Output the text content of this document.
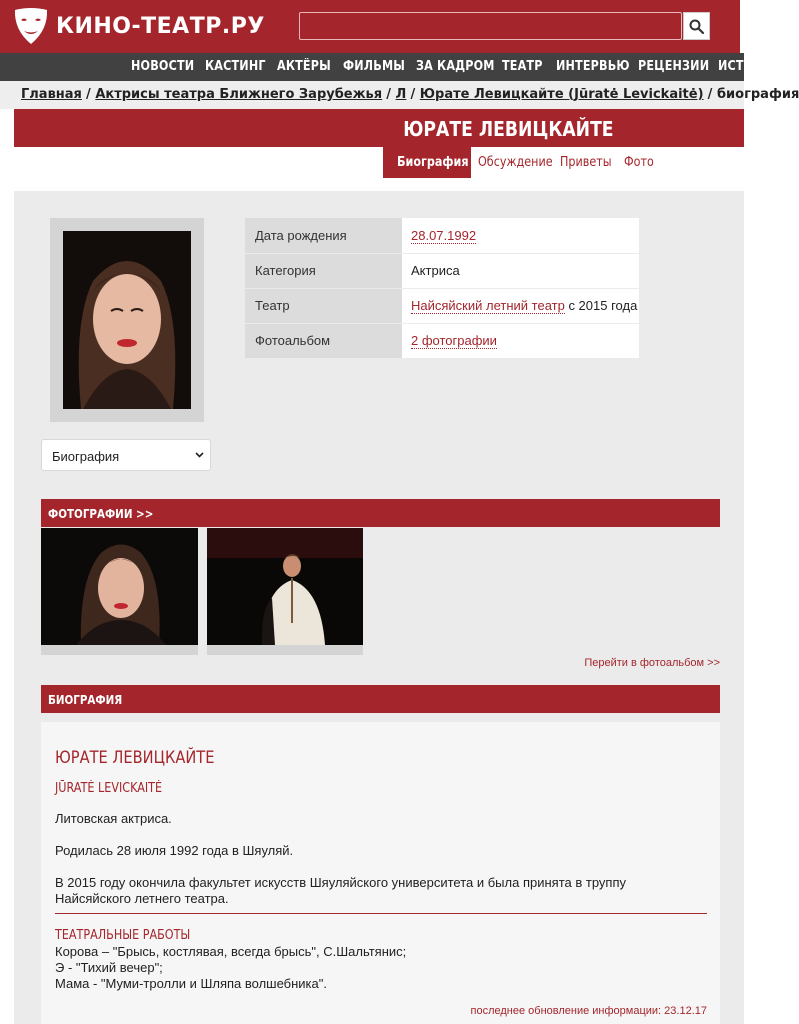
КИНО-ТЕАТР.РУ
НОВОСТИ КАСТИНГ АКТЁРЫ ФИЛЬМЫ ЗА КАДРОМ ТЕАТР ИНТЕРВЬЮ РЕЦЕНЗИИ ИСТОРИЯ
Главная / Актрисы театра Ближнего Зарубежья / Л / Юрате Левицкайте (Jūratė Levickaitė) / биография
ЮРАТЕ ЛЕВИЦКАЙТЕ
Биография Обсуждение Приветы Фото
Дата рождения	28.07.1992
Категория	Актриса
Театр	Найсяйский летний театр с 2015 года
Фотоальбом	2 фотографии
Биография
ФОТОГРАФИИ >>
Перейти в фотоальбом >>
БИОГРАФИЯ
ЮРАТЕ ЛЕВИЦКАЙТЕ
JŪRATĖ LEVICKAITĖ
Литовская актриса.
Родилась 28 июля 1992 года в Шяуляй.
В 2015 году окончила факультет искусств Шяуляйского университета и была принята в труппу Найсяйского летнего театра.
ТЕАТРАЛЬНЫЕ РАБОТЫ
Корова – "Брысь, костлявая, всегда брысь", С.Шальтянис;
Э - "Тихий вечер";
Мама - "Муми-тролли и Шляпа волшебника".
последнее обновление информации: 23.12.17
